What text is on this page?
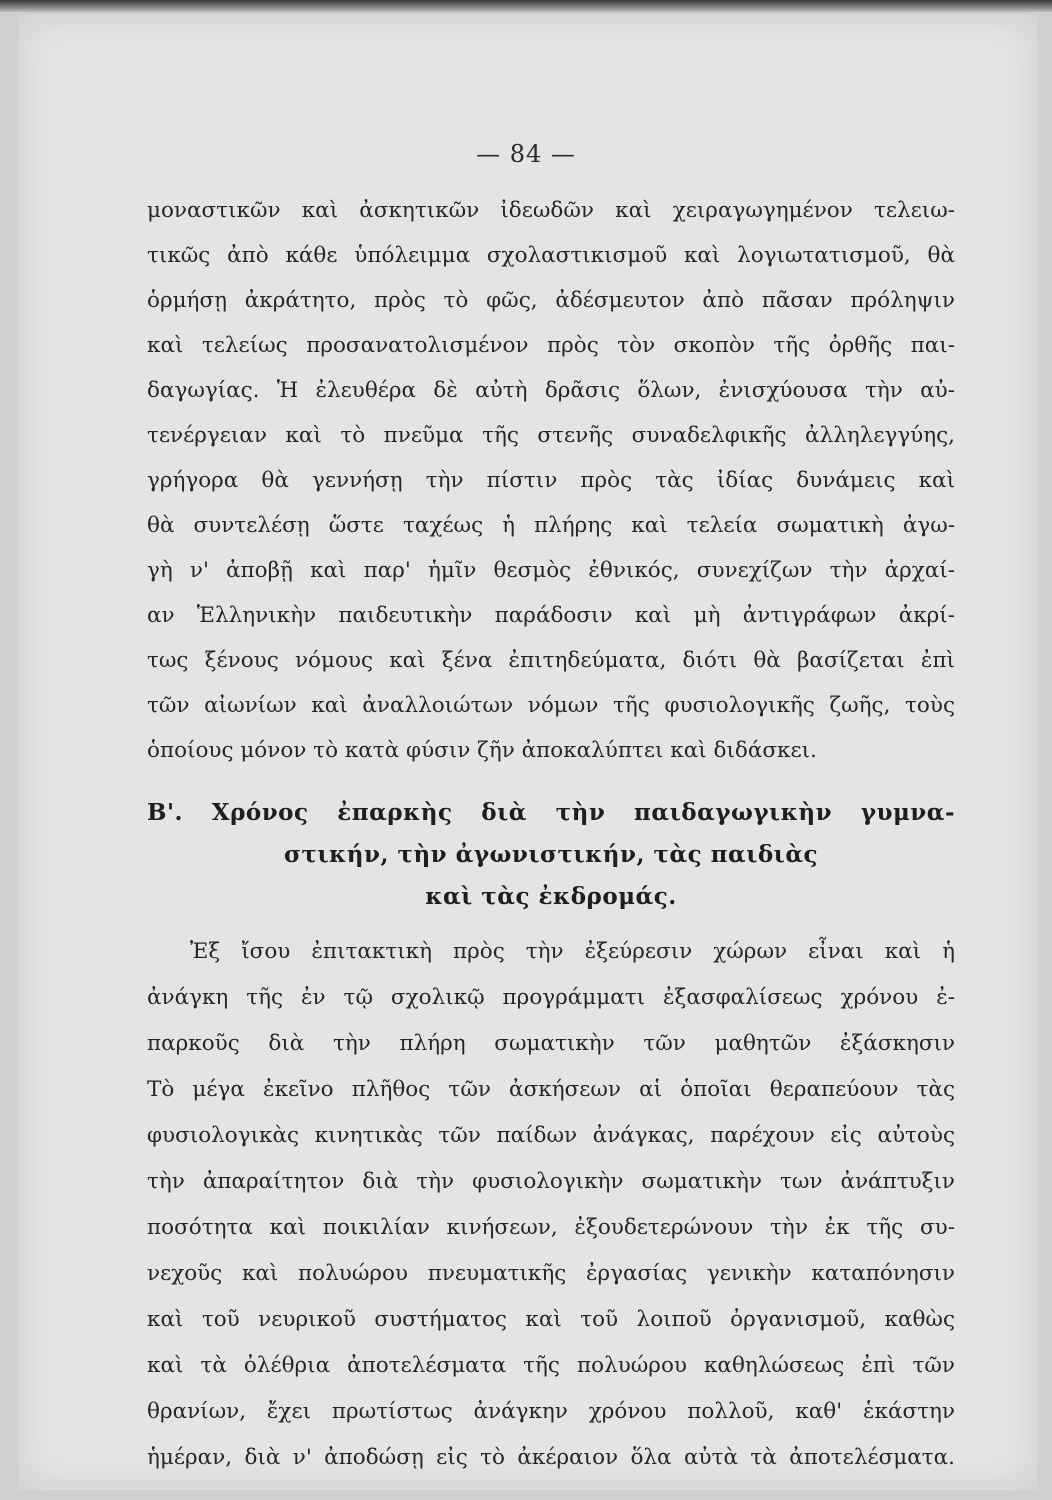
— 84 —
μοναστικῶν καὶ ἀσκητικῶν ἰδεωδῶν καὶ χειραγωγημένον τελειω-
τικῶς ἀπὸ κάθε ὑπόλειμμα σχολαστικισμοῦ καὶ λογιωτατισμοῦ, θὰ
ὁρμήσῃ ἀκράτητο, πρὸς τὸ φῶς, ἀδέσμευτον ἀπὸ πᾶσαν πρόληψιν
καὶ τελείως προσανατολισμένον πρὸς τὸν σκοπὸν τῆς ὀρθῆς παι-
δαγωγίας. Ἡ ἐλευθέρα δὲ αὐτὴ δρᾶσις ὅλων, ἐνισχύουσα τὴν αὐ-
τενέργειαν καὶ τὸ πνεῦμα τῆς στενῆς συναδελφικῆς ἀλληλεγγύης,
γρήγορα θὰ γεννήσῃ τὴν πίστιν πρὸς τὰς ἰδίας δυνάμεις καὶ
θὰ συντελέσῃ ὥστε ταχέως ἡ πλήρης καὶ τελεία σωματικὴ ἀγω-
γὴ ν' ἀποβῇ καὶ παρ' ἡμῖν θεσμὸς ἐθνικός, συνεχίζων τὴν ἀρχαί-
αν Ἑλληνικὴν παιδευτικὴν παράδοσιν καὶ μὴ ἀντιγράφων ἀκρί-
τως ξένους νόμους καὶ ξένα ἐπιτηδεύματα, διότι θὰ βασίζεται ἐπὶ
τῶν αἰωνίων καὶ ἀναλλοιώτων νόμων τῆς φυσιολογικῆς ζωῆς, τοὺς
ὁποίους μόνον τὸ κατὰ φύσιν ζῆν ἀποκαλύπτει καὶ διδάσκει.
Β'. Χρόνος ἐπαρκὴς διὰ τὴν παιδαγωγικὴν γυμνα-
στικήν, τὴν ἀγωνιστικήν, τὰς παιδιὰς
καὶ τὰς ἐκδρομάς.
Ἐξ ἴσου ἐπιτακτικὴ πρὸς τὴν ἐξεύρεσιν χώρων εἶναι καὶ ἡ
ἀνάγκη τῆς ἐν τῷ σχολικῷ προγράμματι ἐξασφαλίσεως χρόνου ἐ-
παρκοῦς διὰ τὴν πλήρη σωματικὴν τῶν μαθητῶν ἐξάσκησιν
Τὸ μέγα ἐκεῖνο πλῆθος τῶν ἀσκήσεων αἱ ὁποῖαι θεραπεύουν τὰς
φυσιολογικὰς κινητικὰς τῶν παίδων ἀνάγκας, παρέχουν εἰς αὐτοὺς
τὴν ἀπαραίτητον διὰ τὴν φυσιολογικὴν σωματικὴν των ἀνάπτυξιν
ποσότητα καὶ ποικιλίαν κινήσεων, ἐξουδετερώνουν τὴν ἐκ τῆς συ-
νεχοῦς καὶ πολυώρου πνευματικῆς ἐργασίας γενικὴν καταπόνησιν
καὶ τοῦ νευρικοῦ συστήματος καὶ τοῦ λοιποῦ ὀργανισμοῦ, καθὼς
καὶ τὰ ὀλέθρια ἀποτελέσματα τῆς πολυώρου καθηλώσεως ἐπὶ τῶν
θρανίων, ἔχει πρωτίστως ἀνάγκην χρόνου πολλοῦ, καθ' ἑκάστην
ἡμέραν, διὰ ν' ἀποδώσῃ εἰς τὸ ἀκέραιον ὅλα αὐτὰ τὰ ἀποτελέσματα.
